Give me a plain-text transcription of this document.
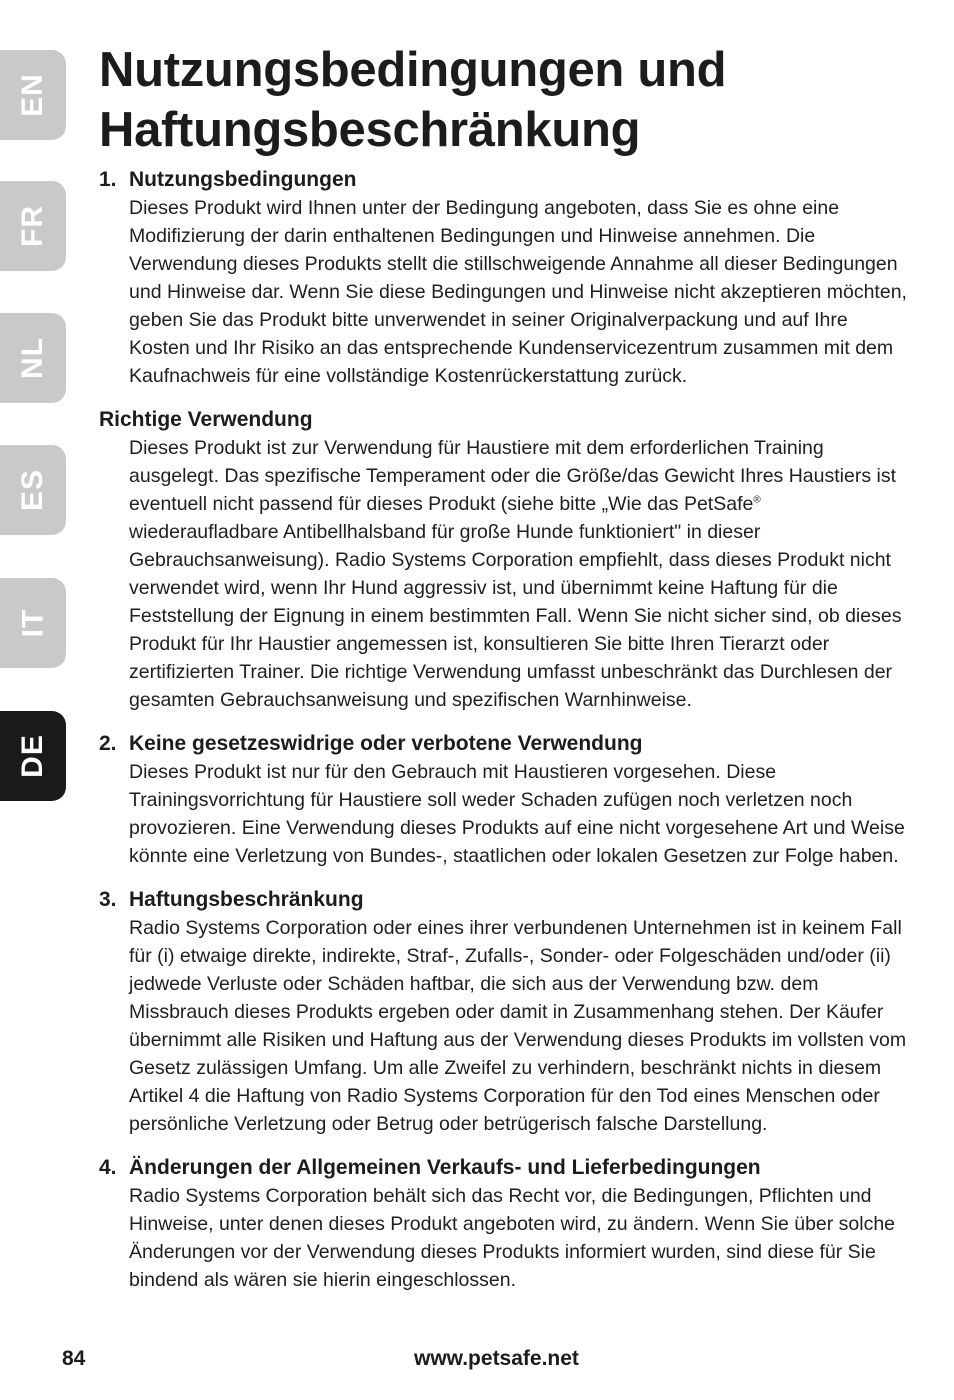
EN
FR
NL
ES
IT
DE
Nutzungsbedingungen und
Haftungsbeschränkung
1. Nutzungsbedingungen

Dieses Produkt wird Ihnen unter der Bedingung angeboten, dass Sie es ohne eine Modifizierung der darin enthaltenen Bedingungen und Hinweise annehmen. Die Verwendung dieses Produkts stellt die stillschweigende Annahme all dieser Bedingungen und Hinweise dar. Wenn Sie diese Bedingungen und Hinweise nicht akzeptieren möchten, geben Sie das Produkt bitte unverwendet in seiner Originalverpackung und auf Ihre Kosten und Ihr Risiko an das entsprechende Kundenservicezentrum zusammen mit dem Kaufnachweis für eine vollständige Kostenrückerstattung zurück.

Richtige Verwendung

Dieses Produkt ist zur Verwendung für Haustiere mit dem erforderlichen Training ausgelegt. Das spezifische Temperament oder die Größe/das Gewicht Ihres Haustiers ist eventuell nicht passend für dieses Produkt (siehe bitte „Wie das PetSafe® wiederaufladbare Antibellhalsband für große Hunde funktioniert" in dieser Gebrauchsanweisung). Radio Systems Corporation empfiehlt, dass dieses Produkt nicht verwendet wird, wenn Ihr Hund aggressiv ist, und übernimmt keine Haftung für die Feststellung der Eignung in einem bestimmten Fall. Wenn Sie nicht sicher sind, ob dieses Produkt für Ihr Haustier angemessen ist, konsultieren Sie bitte Ihren Tierarzt oder zertifizierten Trainer. Die richtige Verwendung umfasst unbeschränkt das Durchlesen der gesamten Gebrauchsanweisung und spezifischen Warnhinweise.

2. Keine gesetzeswidrige oder verbotene Verwendung

Dieses Produkt ist nur für den Gebrauch mit Haustieren vorgesehen. Diese Trainingsvorrichtung für Haustiere soll weder Schaden zufügen noch verletzen noch provozieren. Eine Verwendung dieses Produkts auf eine nicht vorgesehene Art und Weise könnte eine Verletzung von Bundes-, staatlichen oder lokalen Gesetzen zur Folge haben.

3. Haftungsbeschränkung

Radio Systems Corporation oder eines ihrer verbundenen Unternehmen ist in keinem Fall für (i) etwaige direkte, indirekte, Straf-, Zufalls-, Sonder- oder Folgeschäden und/oder (ii) jedwede Verluste oder Schäden haftbar, die sich aus der Verwendung bzw. dem Missbrauch dieses Produkts ergeben oder damit in Zusammenhang stehen. Der Käufer übernimmt alle Risiken und Haftung aus der Verwendung dieses Produkts im vollsten vom Gesetz zulässigen Umfang. Um alle Zweifel zu verhindern, beschränkt nichts in diesem Artikel 4 die Haftung von Radio Systems Corporation für den Tod eines Menschen oder persönliche Verletzung oder Betrug oder betrügerisch falsche Darstellung.

4. Änderungen der Allgemeinen Verkaufs- und Lieferbedingungen

Radio Systems Corporation behält sich das Recht vor, die Bedingungen, Pflichten und Hinweise, unter denen dieses Produkt angeboten wird, zu ändern. Wenn Sie über solche Änderungen vor der Verwendung dieses Produkts informiert wurden, sind diese für Sie bindend als wären sie hierin eingeschlossen.

84	www.petsafe.net
